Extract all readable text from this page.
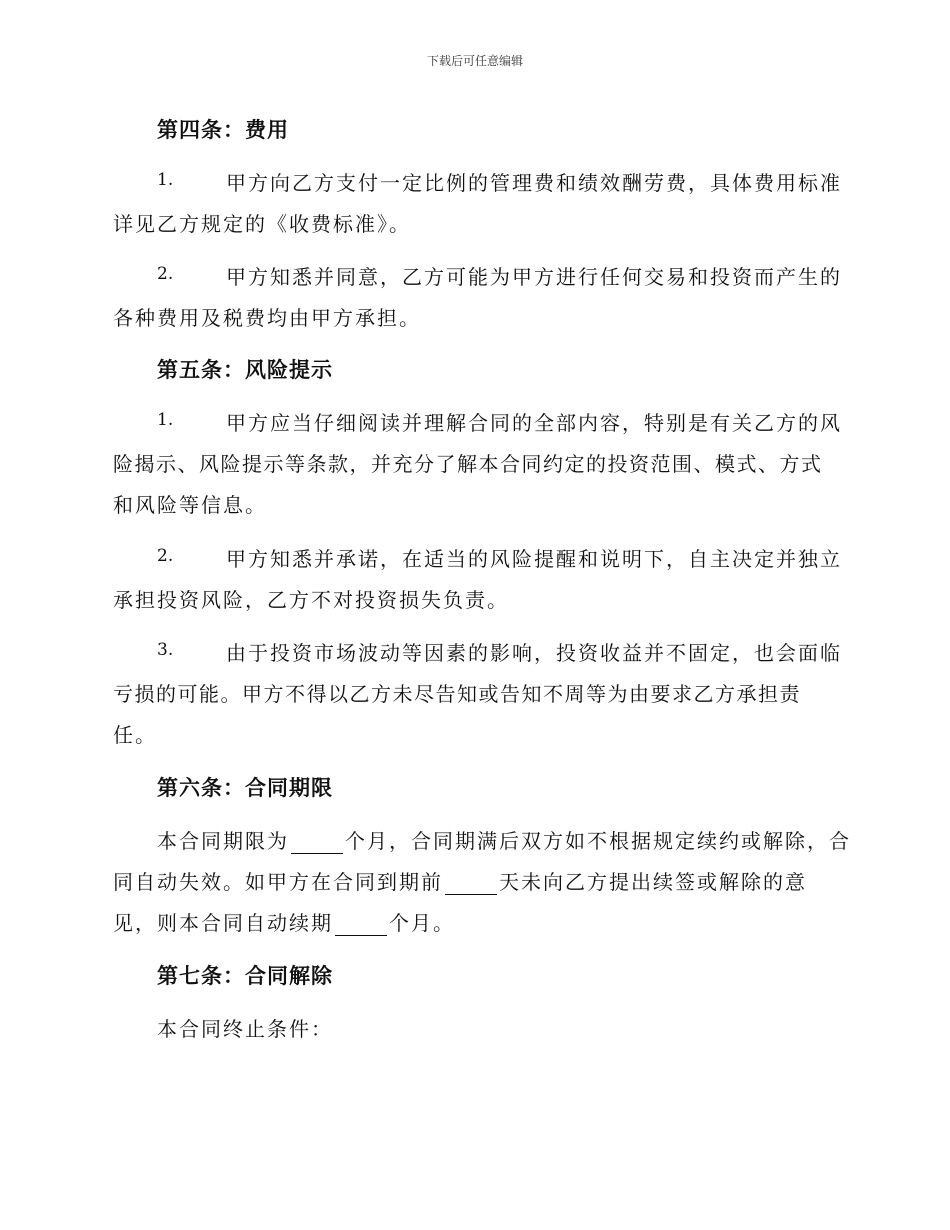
下载后可任意编辑
第四条：费用
1.	甲方向乙方支付一定比例的管理费和绩效酬劳费，具体费用标准
详见乙方规定的《收费标准》。
2.	甲方知悉并同意，乙方可能为甲方进行任何交易和投资而产生的
各种费用及税费均由甲方承担。
第五条：风险提示
1.	甲方应当仔细阅读并理解合同的全部内容，特别是有关乙方的风
险揭示、风险提示等条款，并充分了解本合同约定的投资范围、模式、方式
和风险等信息。
2.	甲方知悉并承诺，在适当的风险提醒和说明下，自主决定并独立
承担投资风险，乙方不对投资损失负责。
3.	由于投资市场波动等因素的影响，投资收益并不固定，也会面临
亏损的可能。甲方不得以乙方未尽告知或告知不周等为由要求乙方承担责
任。
第六条：合同期限
本合同期限为	个月，合同期满后双方如不根据规定续约或解除，合
同自动失效。如甲方在合同到期前	天未向乙方提出续签或解除的意
见，则本合同自动续期	个月。
第七条：合同解除
本合同终止条件：
